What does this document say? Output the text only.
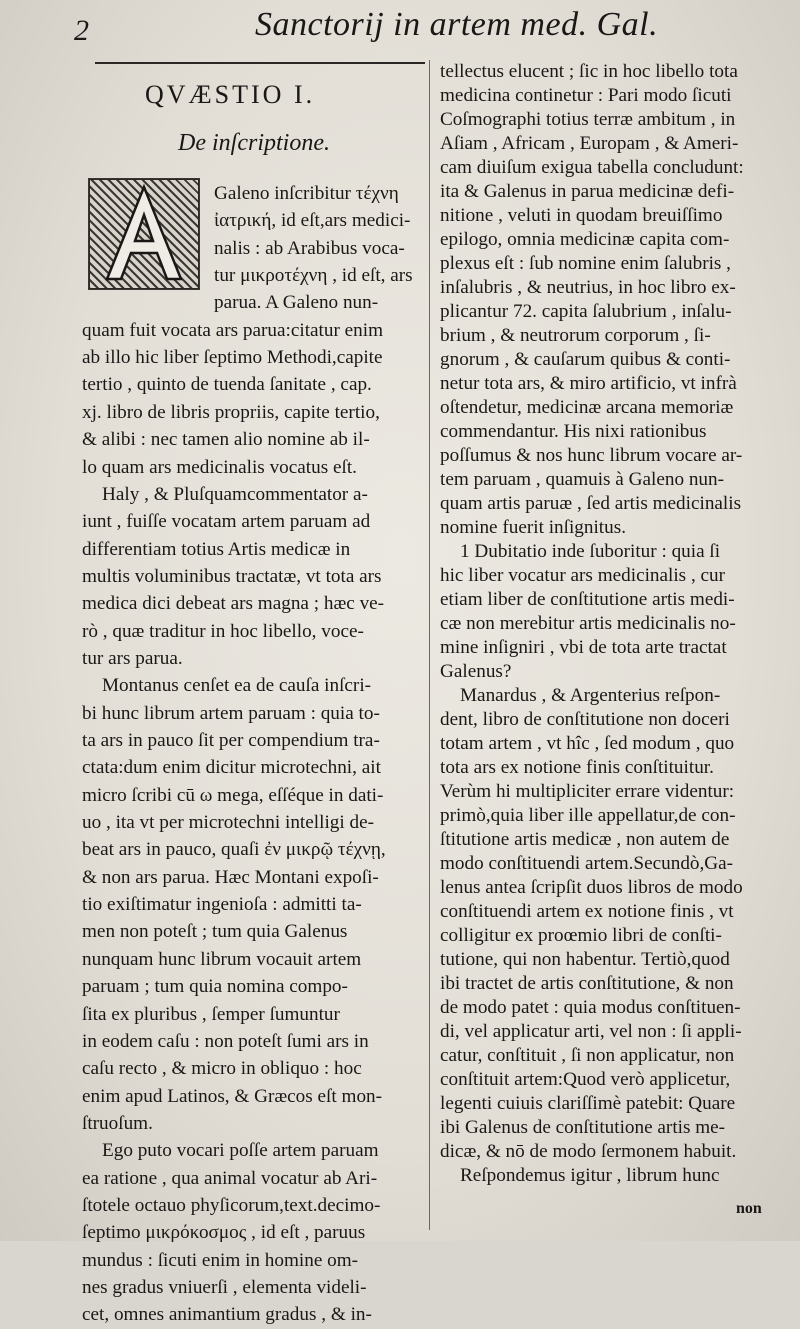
2	Sanctorij in artem med. Gal.
QVÆSTIO I.
De inſcriptione.
Galeno inſcribitur τέχνη
ἰατρική, id eſt,ars medici-
nalis : ab Arabibus voca-
tur μικροτέχνη , id eſt, ars
parua. A Galeno nun-
quam fuit vocata ars parua:citatur enim
ab illo hic liber ſeptimo Methodi,capite
tertio , quinto de tuenda ſanitate , cap.
xj. libro de libris propriis, capite tertio,
& alibi : nec tamen alio nomine ab il-
lo quam ars medicinalis vocatus eſt.
Haly , & Pluſquamcommentator a-
iunt , fuiſſe vocatam artem paruam ad
differentiam totius Artis medicæ in
multis voluminibus tractatæ, vt tota ars
medica dici debeat ars magna ; hæc ve-
rò , quæ traditur in hoc libello, voce-
tur ars parua.
Montanus cenſet ea de cauſa inſcri-
bi hunc librum artem paruam : quia to-
ta ars in pauco ſit per compendium tra-
ctata:dum enim dicitur microtechni, ait
micro ſcribi cū ω mega, eſſéque in dati-
uo , ita vt per microtechni intelligi de-
beat ars in pauco, quaſi ἐν μικρῷ τέχνῃ,
& non ars parua. Hæc Montani expoſi-
tio exiſtimatur ingenioſa : admitti ta-
men non poteſt ; tum quia Galenus
nunquam hunc librum vocauit artem
paruam ; tum quia nomina compo-
ſita ex pluribus , ſemper ſumuntur
in eodem caſu : non poteſt ſumi ars in
caſu recto , & micro in obliquo : hoc
enim apud Latinos, & Græcos eſt mon-
ſtruoſum.
Ego puto vocari poſſe artem paruam
ea ratione , qua animal vocatur ab Ari-
ſtotele octauo phyſicorum,text.decimo-
ſeptimo μικρόκοσμος , id eſt , paruus
mundus : ſicuti enim in homine om-
nes gradus vniuerſi , elementa videli-
cet, omnes animantium gradus , & in-
tellectus elucent ; ſic in hoc libello tota
medicina continetur : Pari modo ſicuti
Coſmographi totius terræ ambitum , in
Aſiam , Africam , Europam , & Ameri-
cam diuiſum exigua tabella concludunt:
ita & Galenus in parua medicinæ defi-
nitione , veluti in quodam breuiſſimo
epilogo, omnia medicinæ capita com-
plexus eſt : ſub nomine enim ſalubris ,
inſalubris , & neutrius, in hoc libro ex-
plicantur 72. capita ſalubrium , inſalu-
brium , & neutrorum corporum , ſi-
gnorum , & cauſarum quibus & conti-
netur tota ars, & miro artificio, vt infrà
oſtendetur, medicinæ arcana memoriæ
commendantur. His nixi rationibus
poſſumus & nos hunc librum vocare ar-
tem paruam , quamuis à Galeno nun-
quam artis paruæ , ſed artis medicinalis
nomine fuerit inſignitus.
1 Dubitatio inde ſuboritur : quia ſi
hic liber vocatur ars medicinalis , cur
etiam liber de conſtitutione artis medi-
cæ non merebitur artis medicinalis no-
mine inſigniri , vbi de tota arte tractat
Galenus?
Manardus , & Argenterius reſpon-
dent, libro de conſtitutione non doceri
totam artem , vt hîc , ſed modum , quo
tota ars ex notione finis conſtituitur.
Verùm hi multipliciter errare videntur:
primò,quia liber ille appellatur,de con-
ſtitutione artis medicæ , non autem de
modo conſtituendi artem.Secundò,Ga-
lenus antea ſcripſit duos libros de modo
conſtituendi artem ex notione finis , vt
colligitur ex proœmio libri de conſti-
tutione, qui non habentur. Tertiò,quod
ibi tractet de artis conſtitutione, & non
de modo patet : quia modus conſtituen-
di, vel applicatur arti, vel non : ſi appli-
catur, conſtituit , ſi non applicatur, non
conſtituit artem:Quod verò applicetur,
legenti cuiuis clariſſimè patebit: Quare
ibi Galenus de conſtitutione artis me-
dicæ, & nō de modo ſermonem habuit.
Reſpondemus igitur , librum hunc
non
